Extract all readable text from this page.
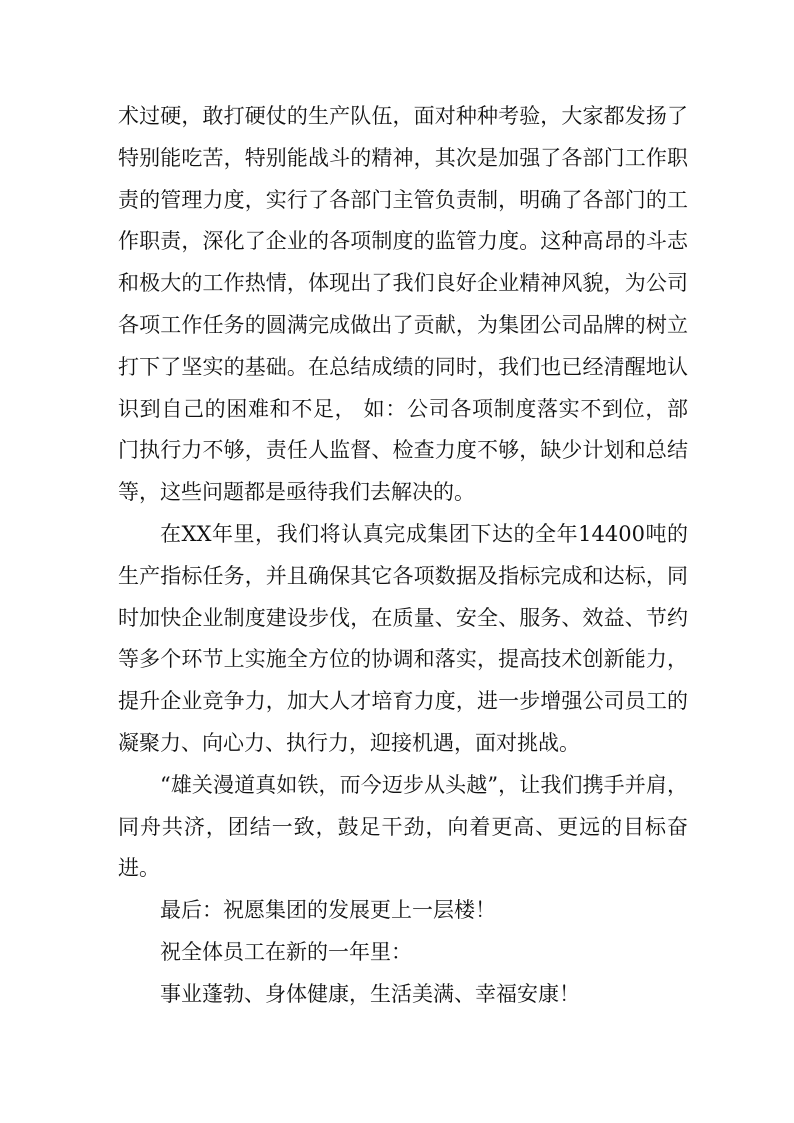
术过硬，敢打硬仗的生产队伍，面对种种考验，大家都发扬了特别能吃苦，特别能战斗的精神，其次是加强了各部门工作职责的管理力度，实行了各部门主管负责制，明确了各部门的工作职责，深化了企业的各项制度的监管力度。这种高昂的斗志和极大的工作热情，体现出了我们良好企业精神风貌，为公司各项工作任务的圆满完成做出了贡献，为集团公司品牌的树立打下了坚实的基础。在总结成绩的同时，我们也已经清醒地认识到自己的困难和不足， 如：公司各项制度落实不到位，部门执行力不够，责任人监督、检查力度不够，缺少计划和总结等，这些问题都是亟待我们去解决的。

在XX年里，我们将认真完成集团下达的全年14400吨的生产指标任务，并且确保其它各项数据及指标完成和达标，同时加快企业制度建设步伐，在质量、安全、服务、效益、节约等多个环节上实施全方位的协调和落实，提高技术创新能力，提升企业竞争力，加大人才培育力度，进一步增强公司员工的凝聚力、向心力、执行力，迎接机遇，面对挑战。

“雄关漫道真如铁，而今迈步从头越”，让我们携手并肩，同舟共济，团结一致，鼓足干劲，向着更高、更远的目标奋进。

最后：祝愿集团的发展更上一层楼！

祝全体员工在新的一年里：

事业蓬勃、身体健康，生活美满、幸福安康！
